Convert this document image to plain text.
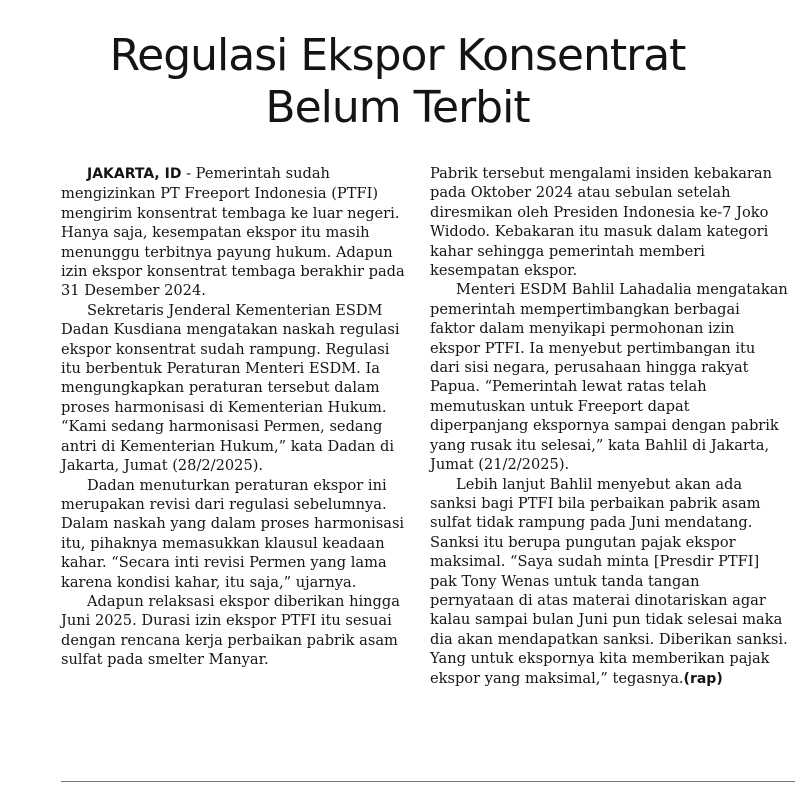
Regulasi Ekspor Konsentrat
Belum Terbit

JAKARTA, ID - Pemerintah sudah mengizinkan PT Freeport Indonesia (PTFI) mengirim konsentrat tembaga ke luar negeri. Hanya saja, kesempatan ekspor itu masih menunggu terbitnya payung hukum. Adapun izin ekspor konsentrat tembaga berakhir pada 31 Desember 2024.

Sekretaris Jenderal Kementerian ESDM Dadan Kusdiana mengatakan naskah regulasi ekspor konsentrat sudah rampung. Regulasi itu berbentuk Peraturan Menteri ESDM. Ia mengungkapkan peraturan tersebut dalam proses harmonisasi di Kementerian Hukum. “Kami sedang harmonisasi Permen, sedang antri di Kementerian Hukum,” kata Dadan di Jakarta, Jumat (28/2/2025).

Dadan menuturkan peraturan ekspor ini merupakan revisi dari regulasi sebelumnya. Dalam naskah yang dalam proses harmonisasi itu, pihaknya memasukkan klausul keadaan kahar. “Secara inti revisi Permen yang lama karena kondisi kahar, itu saja,” ujarnya.

Adapun relaksasi ekspor diberikan hingga Juni 2025. Durasi izin ekspor PTFI itu sesuai dengan rencana kerja perbaikan pabrik asam sulfat pada smelter Manyar.

Pabrik tersebut mengalami insiden kebakaran pada Oktober 2024 atau sebulan setelah diresmikan oleh Presiden Indonesia ke-7 Joko Widodo. Kebakaran itu masuk dalam kategori kahar sehingga pemerintah memberi kesempatan ekspor.

Menteri ESDM Bahlil Lahadalia mengatakan pemerintah mempertimbangkan berbagai faktor dalam menyikapi permohonan izin ekspor PTFI. Ia menyebut pertimbangan itu dari sisi negara, perusahaan hingga rakyat Papua. “Pemerintah lewat ratas telah memutuskan untuk Freeport dapat diperpanjang ekspornya sampai dengan pabrik yang rusak itu selesai,” kata Bahlil di Jakarta, Jumat (21/2/2025).

Lebih lanjut Bahlil menyebut akan ada sanksi bagi PTFI bila perbaikan pabrik asam sulfat tidak rampung pada Juni mendatang. Sanksi itu berupa pungutan pajak ekspor maksimal. “Saya sudah minta [Presdir PTFI] pak Tony Wenas untuk tanda tangan pernyataan di atas materai dinotariskan agar kalau sampai bulan Juni pun tidak selesai maka dia akan mendapatkan sanksi. Diberikan sanksi. Yang untuk ekspornya kita memberikan pajak ekspor yang maksimal,” tegasnya.(rap)
